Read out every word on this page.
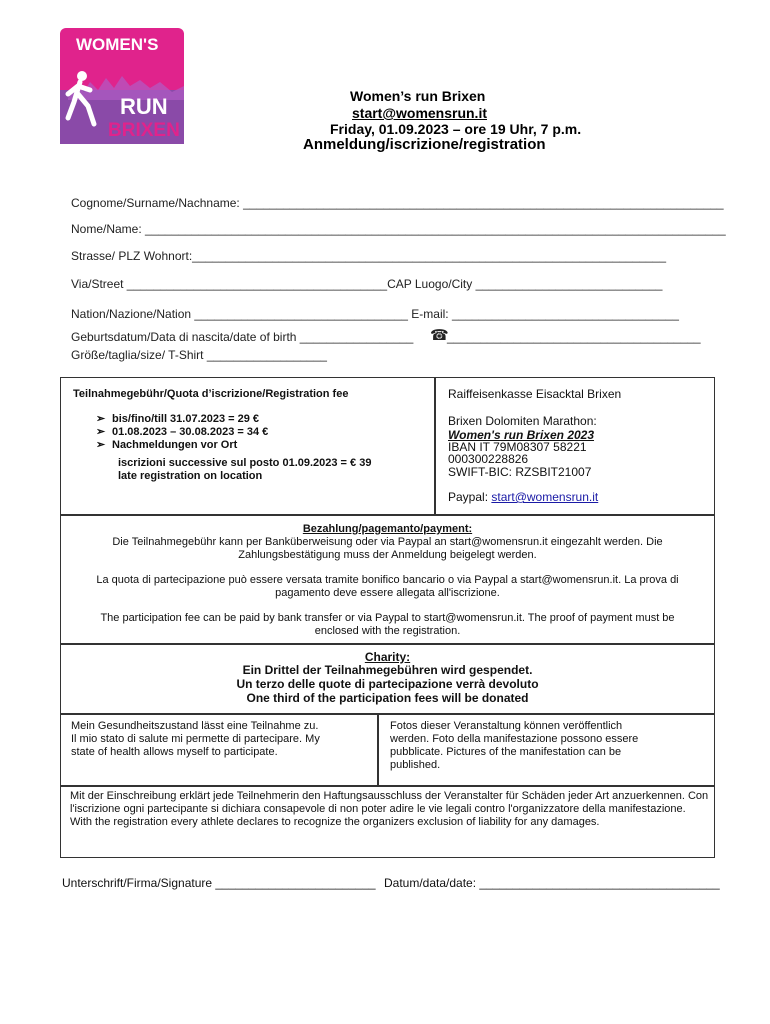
WOMEN'S
RUN
BRIXEN
Women’s run Brixen
start@womensrun.it
Friday, 01.09.2023 – ore 19 Uhr, 7 p.m.
Anmeldung/iscrizione/registration
Cognome/Surname/Nachname: ________________________________________________________________________
Nome/Name: _______________________________________________________________________________________
Strasse/ PLZ Wohnort:_______________________________________________________________________
Via/Street _______________________________________CAP Luogo/City ____________________________
Nation/Nazione/Nation ________________________________ E-mail: __________________________________
Geburtsdatum/Data di nascita/date of birth _________________ ☎
______________________________________
Größe/taglia/size/ T-Shirt __________________
Teilnahmegebühr/Quota d’iscrizione/Registration fee
➢ bis/fino/till 31.07.2023 = 29 €
➢ 01.08.2023 – 30.08.2023 = 34 €
➢ Nachmeldungen vor Ort
iscrizioni successive sul posto 01.09.2023 = € 39
late registration on location
Raiffeisenkasse Eisacktal Brixen
Brixen Dolomiten Marathon:
Women's run Brixen 2023
IBAN IT 79M08307 58221
000300228826
SWIFT-BIC: RZSBIT21007
Paypal: start@womensrun.it
Bezahlung/pagemanto/payment:
Die Teilnahmegebühr kann per Banküberweisung oder via Paypal an start@womensrun.it eingezahlt werden. Die Zahlungsbestätigung muss der Anmeldung beigelegt werden.
La quota di partecipazione può essere versata tramite bonifico bancario o via Paypal a start@womensrun.it. La prova di pagamento deve essere allegata all'iscrizione.
The participation fee can be paid by bank transfer or via Paypal to start@womensrun.it. The proof of payment must be enclosed with the registration.
Charity:
Ein Drittel der Teilnahmegebühren wird gespendet.
Un terzo delle quote di partecipazione verrà devoluto
One third of the participation fees will be donated
Mein Gesundheitszustand lässt eine Teilnahme zu. Il mio stato di salute mi permette di partecipare. My state of health allows myself to participate.
Fotos dieser Veranstaltung können veröffentlich werden. Foto della manifestazione possono essere pubblicate. Pictures of the manifestation can be published.
Mit der Einschreibung erklärt jede Teilnehmerin den Haftungsausschluss der Veranstalter für Schäden jeder Art anzuerkennen. Con l'iscrizione ogni partecipante si dichiara consapevole di non poter adire le vie legali contro l'organizzatore della manifestazione. With the registration every athlete declares to recognize the organizers exclusion of liability for any damages.
Unterschrift/Firma/Signature ________________________ Datum/data/date: ____________________________________
